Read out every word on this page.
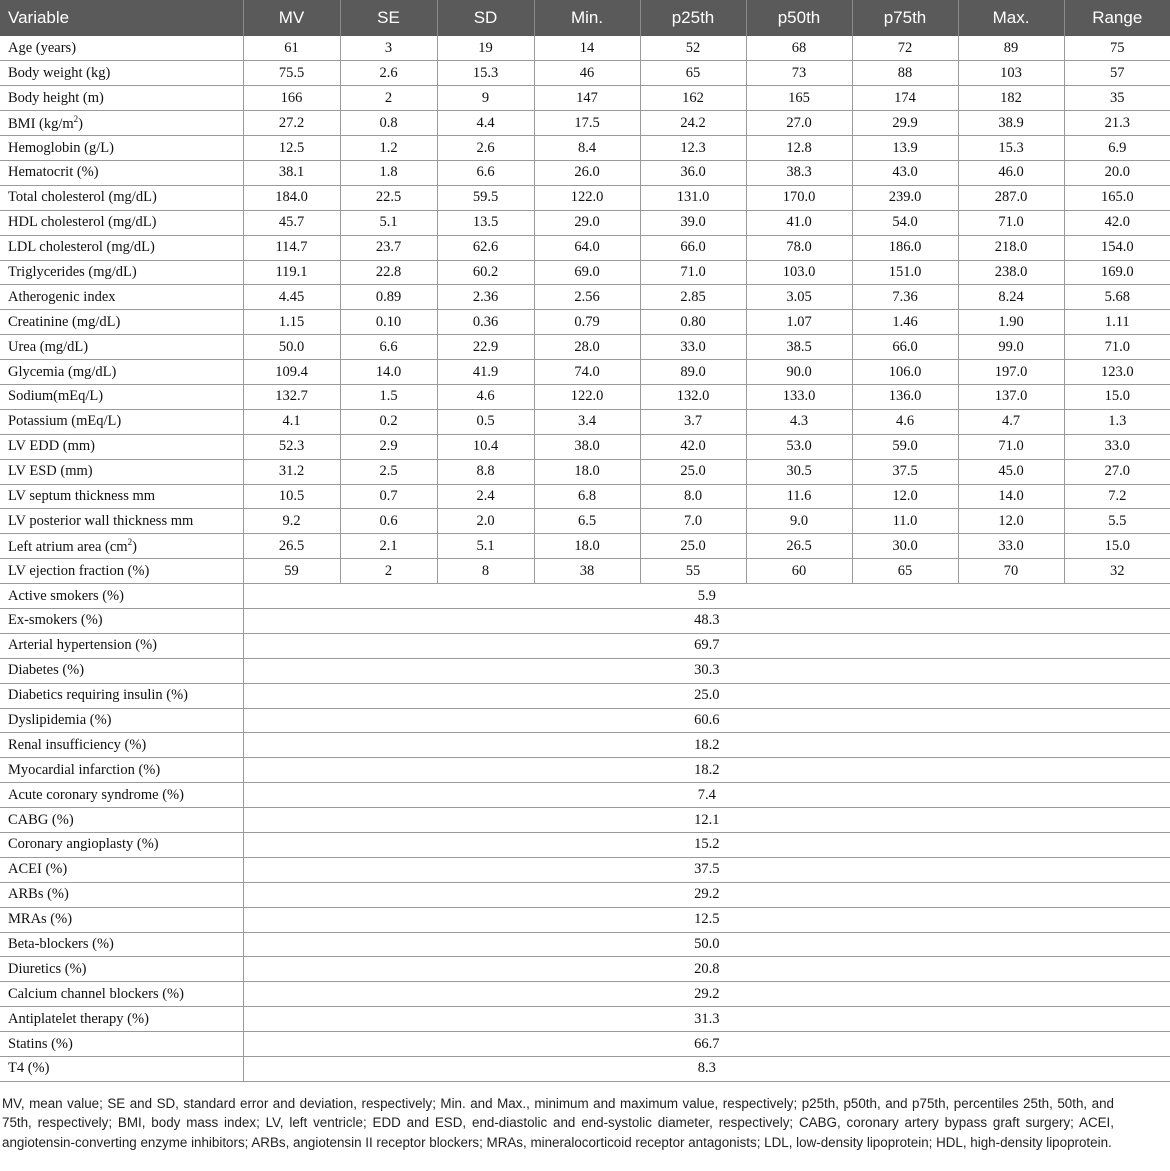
Variable	MV	SE	SD	Min.	p25th	p50th	p75th	Max.	Range
Age (years)	61	3	19	14	52	68	72	89	75
Body weight (kg)	75.5	2.6	15.3	46	65	73	88	103	57
Body height (m)	166	2	9	147	162	165	174	182	35
BMI $(kg/m^2)$	27.2	0.8	4.4	17.5	24.2	27.0	29.9	38.9	21.3
Hemoglobin (g/L)	12.5	1.2	2.6	8.4	12.3	12.8	13.9	15.3	6.9
Hematocrit (%)	38.1	1.8	6.6	26.0	36.0	38.3	43.0	46.0	20.0
Total cholesterol (mg/dL)	184.0	22.5	59.5	122.0	131.0	170.0	239.0	287.0	165.0
HDL cholesterol (mg/dL)	45.7	5.1	13.5	29.0	39.0	41.0	54.0	71.0	42.0
LDL cholesterol (mg/dL)	114.7	23.7	62.6	64.0	66.0	78.0	186.0	218.0	154.0
Triglycerides (mg/dL)	119.1	22.8	60.2	69.0	71.0	103.0	151.0	238.0	169.0
Atherogenic index	4.45	0.89	2.36	2.56	2.85	3.05	7.36	8.24	5.68
Creatinine (mg/dL)	1.15	0.10	0.36	0.79	0.80	1.07	1.46	1.90	1.11
Urea (mg/dL)	50.0	6.6	22.9	28.0	33.0	38.5	66.0	99.0	71.0
Glycemia (mg/dL)	109.4	14.0	41.9	74.0	89.0	90.0	106.0	197.0	123.0
Sodium(mEq/L)	132.7	1.5	4.6	122.0	132.0	133.0	136.0	137.0	15.0
Potassium (mEq/L)	4.1	0.2	0.5	3.4	3.7	4.3	4.6	4.7	1.3
LV EDD (mm)	52.3	2.9	10.4	38.0	42.0	53.0	59.0	71.0	33.0
LV ESD (mm)	31.2	2.5	8.8	18.0	25.0	30.5	37.5	45.0	27.0
LV septum thickness mm	10.5	0.7	2.4	6.8	8.0	11.6	12.0	14.0	7.2
LV posterior wall thickness mm	9.2	0.6	2.0	6.5	7.0	9.0	11.0	12.0	5.5
Left atrium area $(cm^2)$	26.5	2.1	5.1	18.0	25.0	26.5	30.0	33.0	15.0
LV ejection fraction (%)	59	2	8	38	55	60	65	70	32
Active smokers (%)	5.9								
Ex-smokers (%)	48.3								
Arterial hypertension (%)	69.7								
Diabetes (%)	30.3								
Diabetics requiring insulin (%)	25.0								
Dyslipidemia (%)	60.6								
Renal insufficiency (%)	18.2								
Myocardial infarction (%)	18.2								
Acute coronary syndrome (%)	7.4								
CABG (%)	12.1								
Coronary angioplasty (%)	15.2								
ACEI (%)	37.5								
ARBs (%)	29.2								
MRAs (%)	12.5								
Beta-blockers (%)	50.0								
Diuretics (%)	20.8								
Calcium channel blockers (%)	29.2								
Antiplatelet therapy (%)	31.3								
Statins (%)	66.7								
T4 (%)	8.3								

MV, mean value; SE and SD, standard error and deviation, respectively; Min. and Max., minimum and maximum value, respectively; p25th, p50th, and p75th, percentiles 25th, 50th, and 75th, respectively; BMI, body mass index; LV, left ventricle; EDD and ESD, end-diastolic and end-systolic diameter, respectively; CABG, coronary artery bypass graft surgery; ACEI, angiotensin-converting enzyme inhibitors; ARBs, angiotensin II receptor blockers; MRAs, mineralocorticoid receptor antagonists; LDL, low-density lipoprotein; HDL, high-density lipoprotein.
